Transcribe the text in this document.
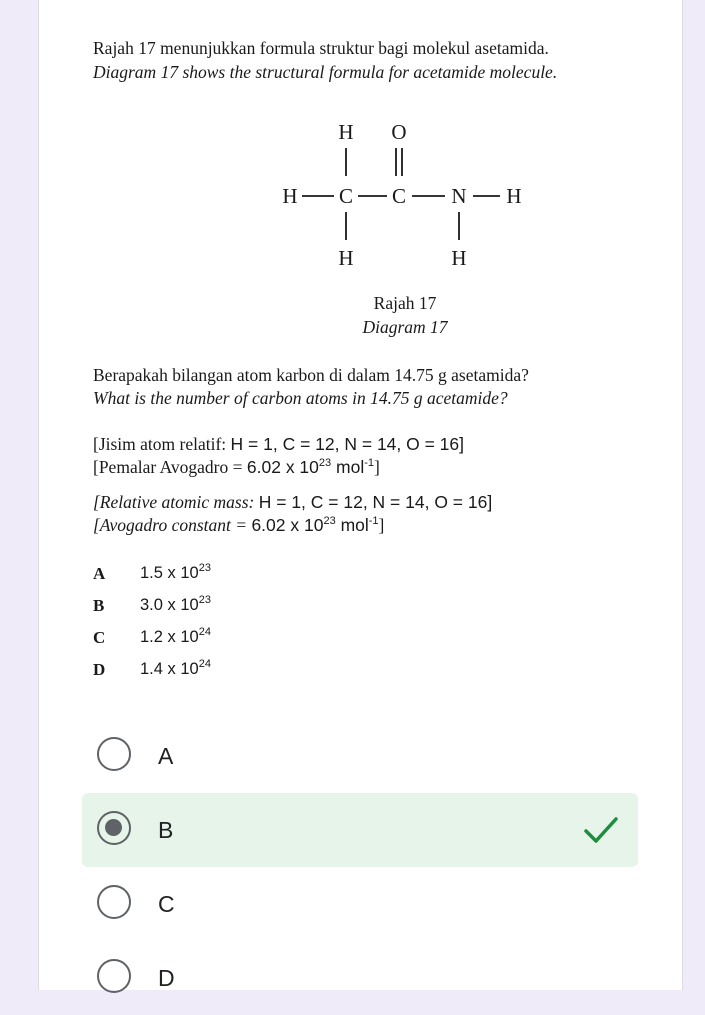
Rajah 17 menunjukkan formula struktur bagi molekul asetamida.
Diagram 17 shows the structural formula for acetamide molecule.
H O
H C C N H
H	H
Rajah 17
Diagram 17
Berapakah bilangan atom karbon di dalam 14.75 g asetamida?
What is the number of carbon atoms in 14.75 g acetamide?
[Jisim atom relatif: H = 1, C = 12, N = 14, O = 16]
[Pemalar Avogadro = 6.02 x $10^{23}$ mol$^{-1}$]
[Relative atomic mass: H = 1, C = 12, N = 14, O = 16]
[Avogadro constant = 6.02 x $10^{23}$ mol$^{-1}$]
A 1.5 x $10^{23}$
B 3.0 x $10^{23}$
C 1.2 x $10^{24}$
D 1.4 x $10^{24}$
A
B
C
D
